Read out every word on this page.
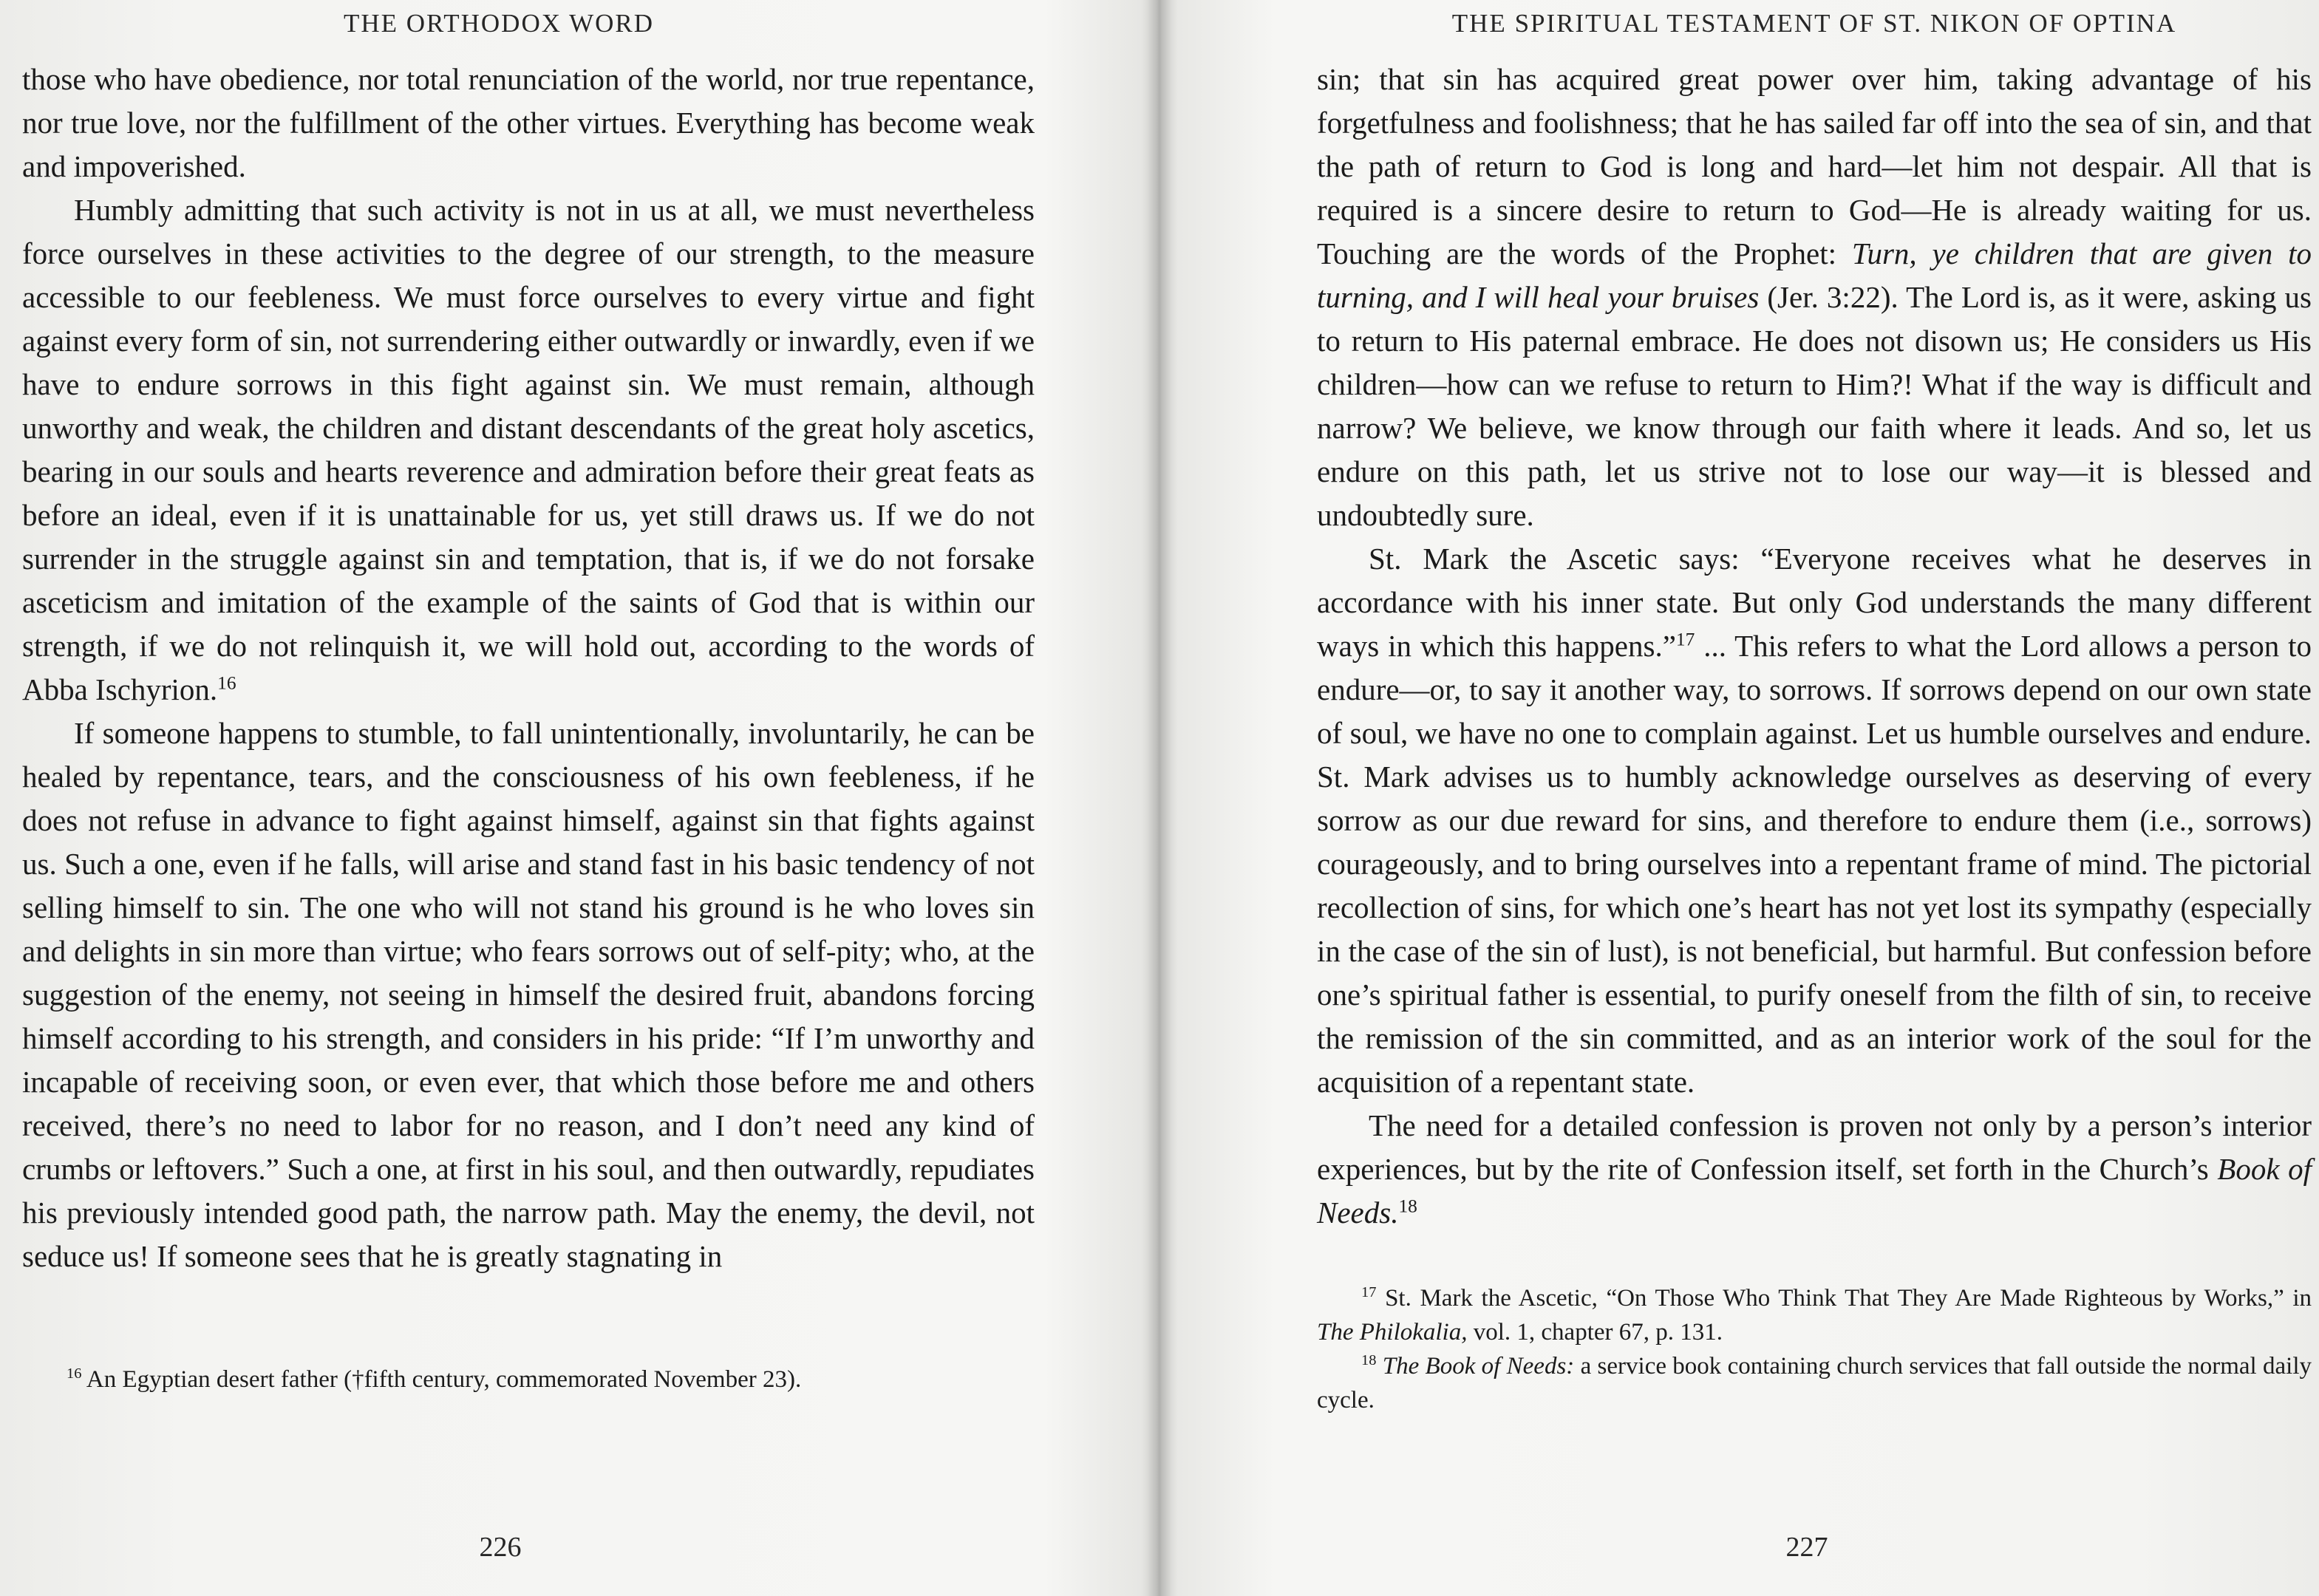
THE ORTHODOX WORD

those who have obedience, nor total renunciation of the world, nor true repentance, nor true love, nor the fulfillment of the other virtues. Everything has become weak and impoverished.

Humbly admitting that such activity is not in us at all, we must nevertheless force ourselves in these activities to the degree of our strength, to the measure accessible to our feebleness. We must force ourselves to every virtue and fight against every form of sin, not surrendering either outwardly or inwardly, even if we have to endure sorrows in this fight against sin. We must remain, although unworthy and weak, the children and distant descendants of the great holy ascetics, bearing in our souls and hearts reverence and admiration before their great feats as before an ideal, even if it is unattainable for us, yet still draws us. If we do not surrender in the struggle against sin and temptation, that is, if we do not forsake asceticism and imitation of the example of the saints of God that is within our strength, if we do not relinquish it, we will hold out, according to the words of Abba Ischyrion.$^{16}$

If someone happens to stumble, to fall unintentionally, involuntarily, he can be healed by repentance, tears, and the consciousness of his own feebleness, if he does not refuse in advance to fight against himself, against sin that fights against us. Such a one, even if he falls, will arise and stand fast in his basic tendency of not selling himself to sin. The one who will not stand his ground is he who loves sin and delights in sin more than virtue; who fears sorrows out of self-pity; who, at the suggestion of the enemy, not seeing in himself the desired fruit, abandons forcing himself according to his strength, and considers in his pride: “If I’m unworthy and incapable of receiving soon, or even ever, that which those before me and others received, there’s no need to labor for no reason, and I don’t need any kind of crumbs or leftovers.” Such a one, at first in his soul, and then outwardly, repudiates his previously intended good path, the narrow path. May the enemy, the devil, not seduce us! If someone sees that he is greatly stagnating in

$^{16}$ An Egyptian desert father (†fifth century, commemorated November 23).

226
THE SPIRITUAL TESTAMENT OF ST. NIKON OF OPTINA

sin; that sin has acquired great power over him, taking advantage of his forgetfulness and foolishness; that he has sailed far off into the sea of sin, and that the path of return to God is long and hard—let him not despair. All that is required is a sincere desire to return to God—He is already waiting for us. Touching are the words of the Prophet: Turn, ye children that are given to turning, and I will heal your bruises (Jer. 3:22). The Lord is, as it were, asking us to return to His paternal embrace. He does not disown us; He considers us His children—how can we refuse to return to Him?! What if the way is difficult and narrow? We believe, we know through our faith where it leads. And so, let us endure on this path, let us strive not to lose our way—it is blessed and undoubtedly sure.

St. Mark the Ascetic says: “Everyone receives what he deserves in accordance with his inner state. But only God understands the many different ways in which this happens.”$^{17}$ ... This refers to what the Lord allows a person to endure—or, to say it another way, to sorrows. If sorrows depend on our own state of soul, we have no one to complain against. Let us humble ourselves and endure. St. Mark advises us to humbly acknowledge ourselves as deserving of every sorrow as our due reward for sins, and therefore to endure them (i.e., sorrows) courageously, and to bring ourselves into a repentant frame of mind. The pictorial recollection of sins, for which one’s heart has not yet lost its sympathy (especially in the case of the sin of lust), is not beneficial, but harmful. But confession before one’s spiritual father is essential, to purify oneself from the filth of sin, to receive the remission of the sin committed, and as an interior work of the soul for the acquisition of a repentant state.

The need for a detailed confession is proven not only by a person’s interior experiences, but by the rite of Confession itself, set forth in the Church’s Book of Needs.$^{18}$

$^{17}$ St. Mark the Ascetic, “On Those Who Think That They Are Made Righteous by Works,” in The Philokalia, vol. 1, chapter 67, p. 131.

$^{18}$ The Book of Needs: a service book containing church services that fall outside the normal daily cycle.

227
